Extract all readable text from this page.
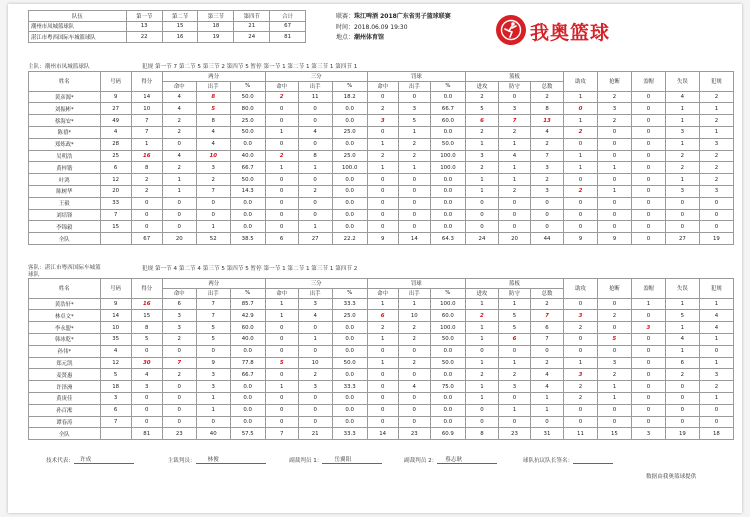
队伍	第一节	第二节	第三节	第四节	合计
潮州市凤城篮球队	13	15	18	21	67
湛江市粤西国际车城篮球队	22	16	19	24	81
联赛：珠江啤酒 2018广东省男子篮球联赛
时间：2018.06.09 19:30
地点：潮州体育馆	我奥篮球
主队：潮州市凤城篮球队	犯规 第一节 7 第二节 5 第三节 2 第四节 5 暂停 第一节 1 第二节 1 第三节 1 第四节 1
姓名	号码	得分	两分			三分			罚球			篮板			助攻	抢断	盖帽	失误	犯规
			命中	出手	%	命中	出手	%	命中	出手	%	进攻	防守	总数					
黄彦源*	9	14	4	8	50.0	2	11	18.2	0	0	0.0	2	0	2	1	2	0	4	2
刘振彬*	27	10	4	5	80.0	0	0	0.0	2	3	66.7	5	3	8	0	3	0	1	1
蔡海安*	49	7	2	8	25.0	0	0	0.0	3	5	60.0	6	7	13	1	2	0	1	2
陈禧*	4	7	2	4	50.0	1	4	25.0	0	1	0.0	2	2	4	2	0	0	3	1
郑炼政*	28	1	0	4	0.0	0	0	0.0	1	2	50.0	1	1	2	0	0	0	1	3
吴明浩	25	16	4	10	40.0	2	8	25.0	2	2	100.0	3	4	7	1	0	0	2	2
黄梓锴	6	8	2	3	66.7	1	1	100.0	1	1	100.0	2	1	3	1	1	0	2	2
叶鸿	12	2	1	2	50.0	0	0	0.0	0	0	0.0	1	1	2	0	0	0	1	2
陈树华	20	2	1	7	14.3	0	2	0.0	0	0	0.0	1	2	3	2	1	0	3	3
王毅	33	0	0	0	0.0	0	0	0.0	0	0	0.0	0	0	0	0	0	0	0	0
刘培锋	7	0	0	0	0.0	0	0	0.0	0	0	0.0	0	0	0	0	0	0	0	0
李锦毅	15	0	0	1	0.0	0	1	0.0	0	0	0.0	0	0	0	0	0	0	0	0
全队		67	20	52	38.5	6	27	22.2	9	14	64.3	24	20	44	9	9	0	27	19
客队：湛江市粤西国际车城篮
球队
犯规 第一节 4 第二节 4 第三节 5 第四节 5 暂停 第一节 1 第二节 1 第三节 1 第四节 2
姓名	号码	得分	两分			三分			罚球			篮板			助攻	抢断	盖帽	失误	犯规
			命中	出手	%	命中	出手	%	命中	出手	%	进攻	防守	总数					
黄浩轩*	9	16	6	7	85.7	1	3	33.3	1	1	100.0	1	1	2	0	0	1	1	1
林卓文*	14	15	3	7	42.9	1	4	25.0	6	10	60.0	2	5	7	3	2	0	5	4
李永盟*	10	8	3	5	60.0	0	0	0.0	2	2	100.0	1	5	6	2	0	3	1	4
韩冰乾*	35	5	2	5	40.0	0	1	0.0	1	2	50.0	1	6	7	0	5	0	4	1
孙伟*	4	0	0	0	0.0	0	0	0.0	0	0	0.0	0	0	0	0	0	0	1	0
郑元凯	12	30	7	9	77.8	5	10	50.0	1	2	50.0	1	1	2	1	3	0	6	1
麦贤惠	5	4	2	3	66.7	0	2	0.0	0	0	0.0	2	2	4	3	2	0	2	3
许泽洲	18	3	0	3	0.0	1	3	33.3	0	4	75.0	1	3	4	2	1	0	0	2
黄庚佳	3	0	0	1	0.0	0	0	0.0	0	0	0.0	1	0	1	2	1	0	0	1
孙百淞	6	0	0	1	0.0	0	0	0.0	0	0	0.0	0	1	1	0	0	0	0	0
谭春涛	7	0	0	0	0.0	0	0	0.0	0	0	0.0	0	0	0	0	0	0	0	0
全队		81	23	40	57.5	7	21	33.3	14	23	60.9	8	23	31	11	15	3	19	18
技术代表： 许成	主裁判员： 林俊	副裁判员 1： 岳翼阳	副裁判员 2： 蔡志耿	球队抗议队长签名：
数据由我奥篮球提供
